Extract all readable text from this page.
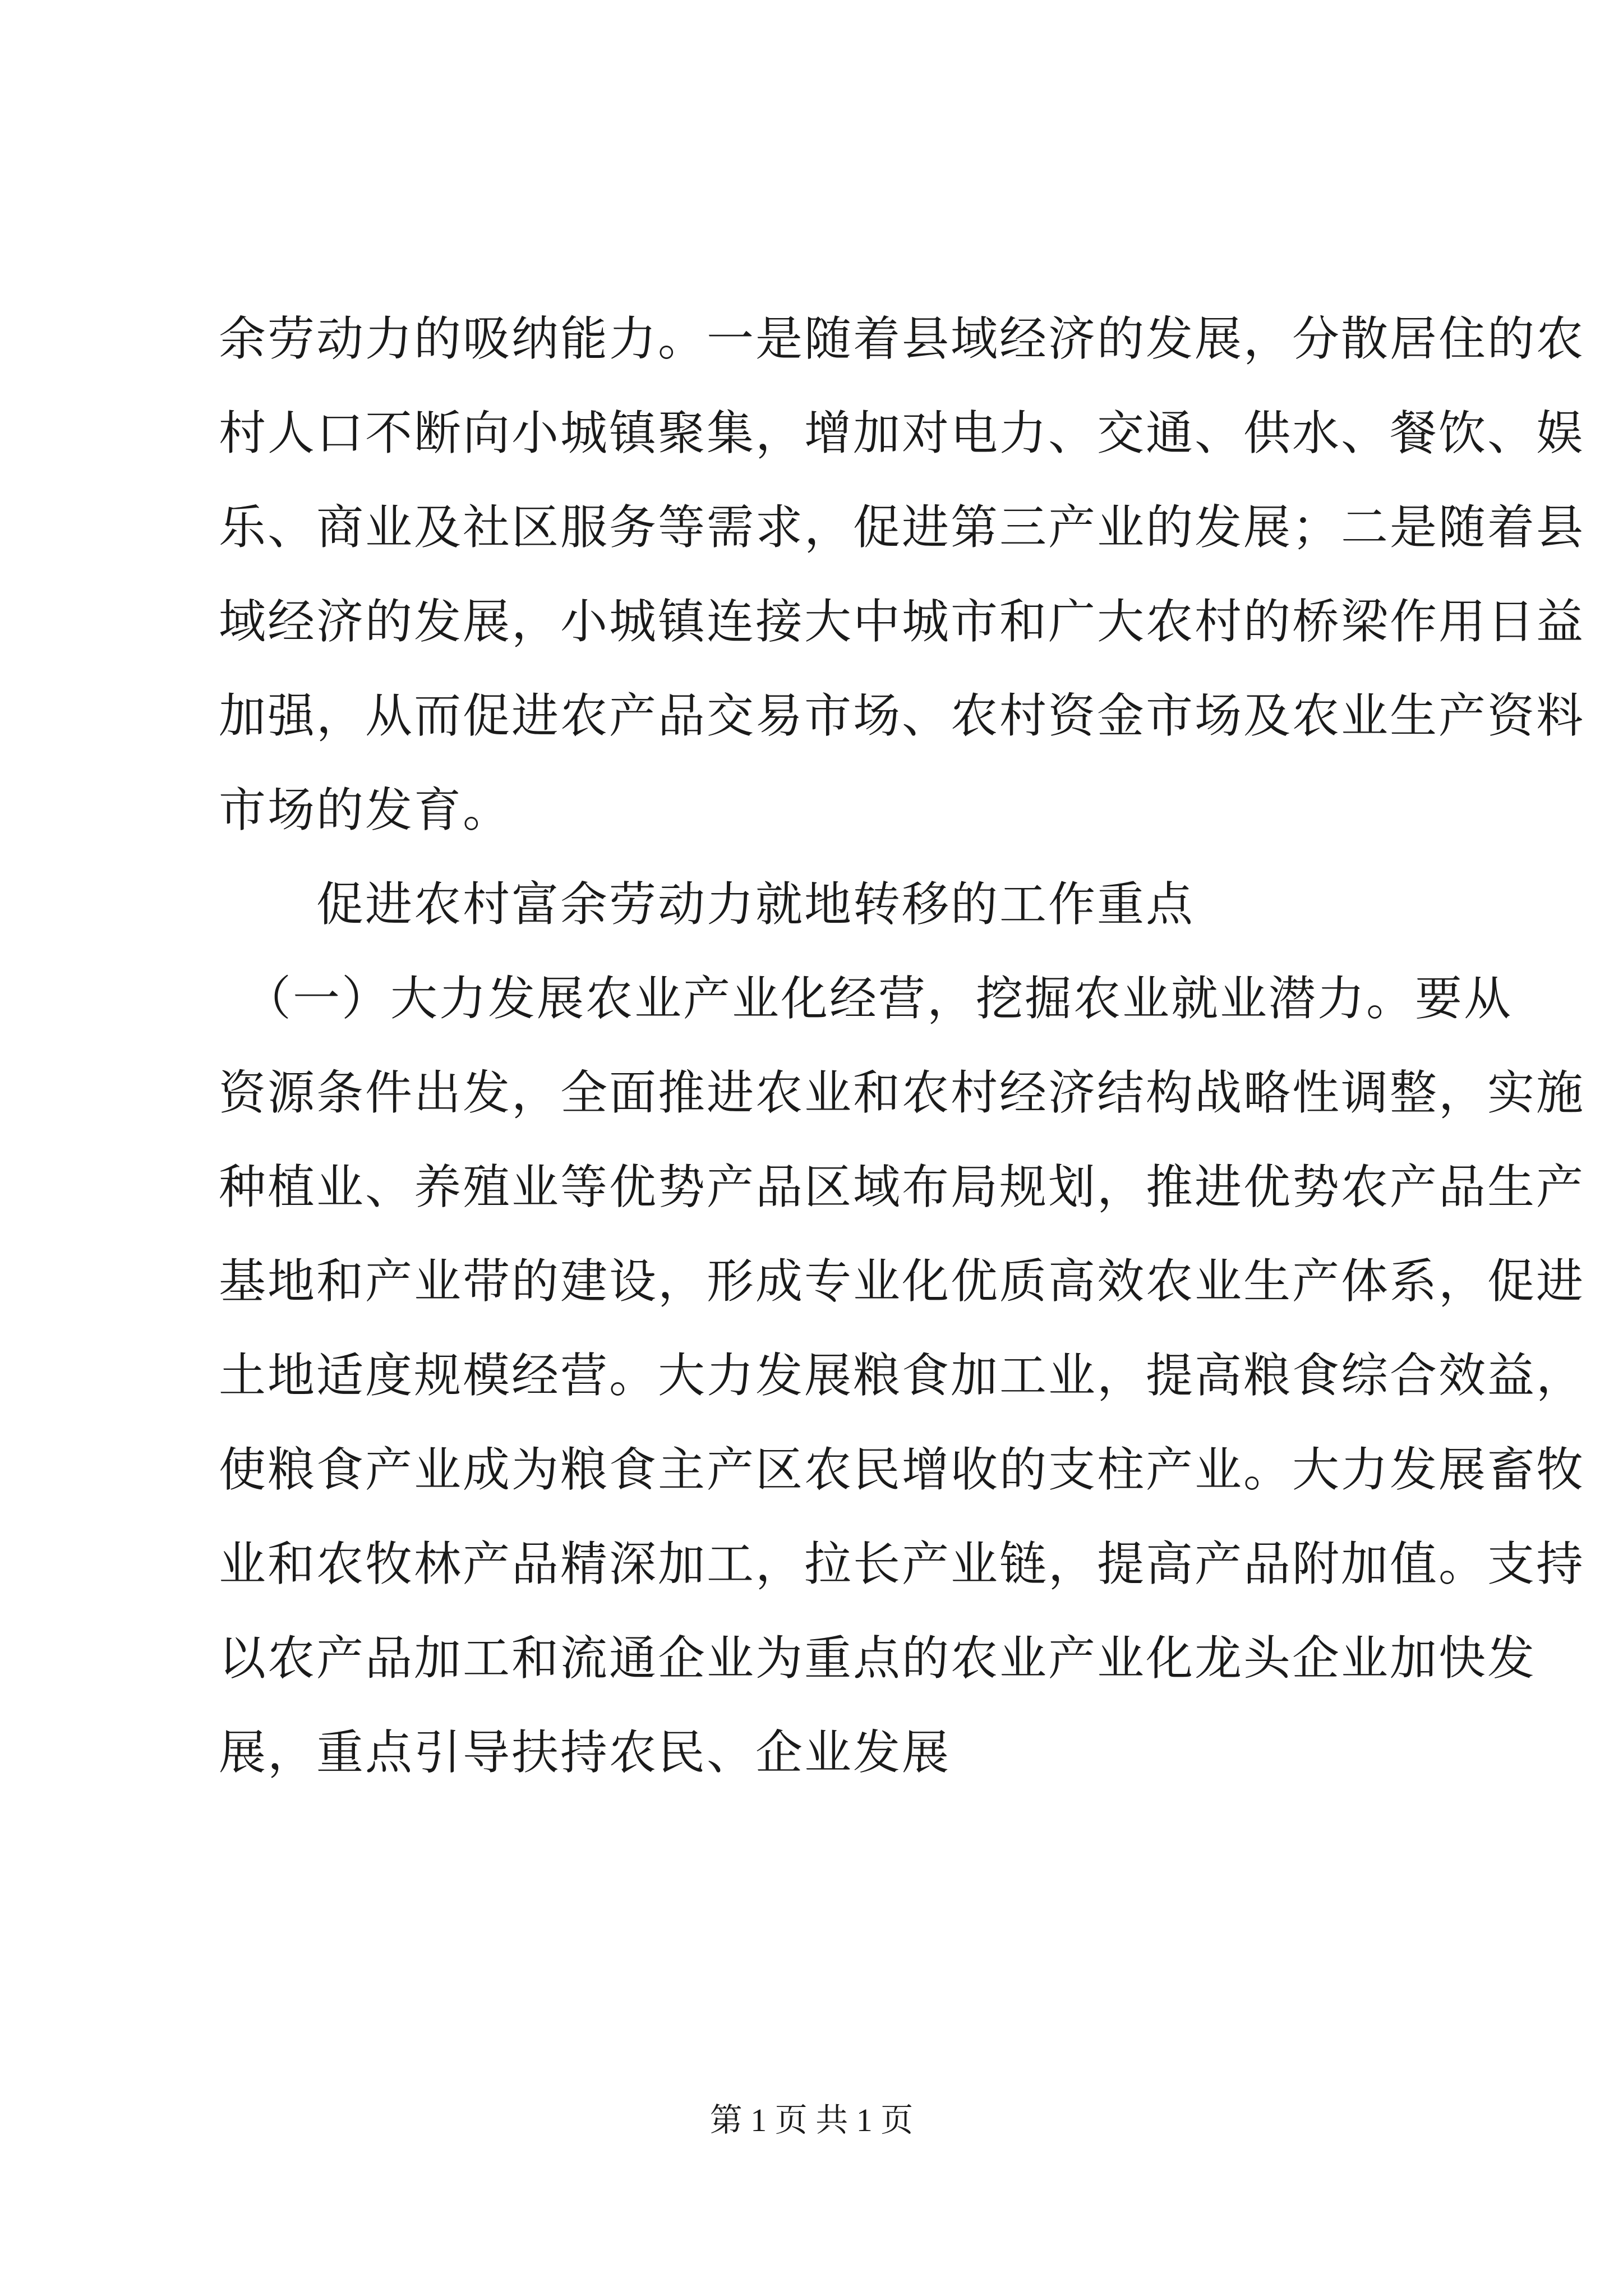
余劳动力的吸纳能力。一是随着县域经济的发展，分散居住的农
村人口不断向小城镇聚集，增加对电力、交通、供水、餐饮、娱
乐、商业及社区服务等需求，促进第三产业的发展；二是随着县
域经济的发展，小城镇连接大中城市和广大农村的桥梁作用日益
加强，从而促进农产品交易市场、农村资金市场及农业生产资料
市场的发育。
　　促进农村富余劳动力就地转移的工作重点
　（一）大力发展农业产业化经营，挖掘农业就业潜力。要从
资源条件出发，全面推进农业和农村经济结构战略性调整，实施
种植业、养殖业等优势产品区域布局规划，推进优势农产品生产
基地和产业带的建设，形成专业化优质高效农业生产体系，促进
土地适度规模经营。大力发展粮食加工业，提高粮食综合效益，
使粮食产业成为粮食主产区农民增收的支柱产业。大力发展畜牧
业和农牧林产品精深加工，拉长产业链，提高产品附加值。支持
以农产品加工和流通企业为重点的农业产业化龙头企业加快发
展，重点引导扶持农民、企业发展
第 1 页 共 1 页
